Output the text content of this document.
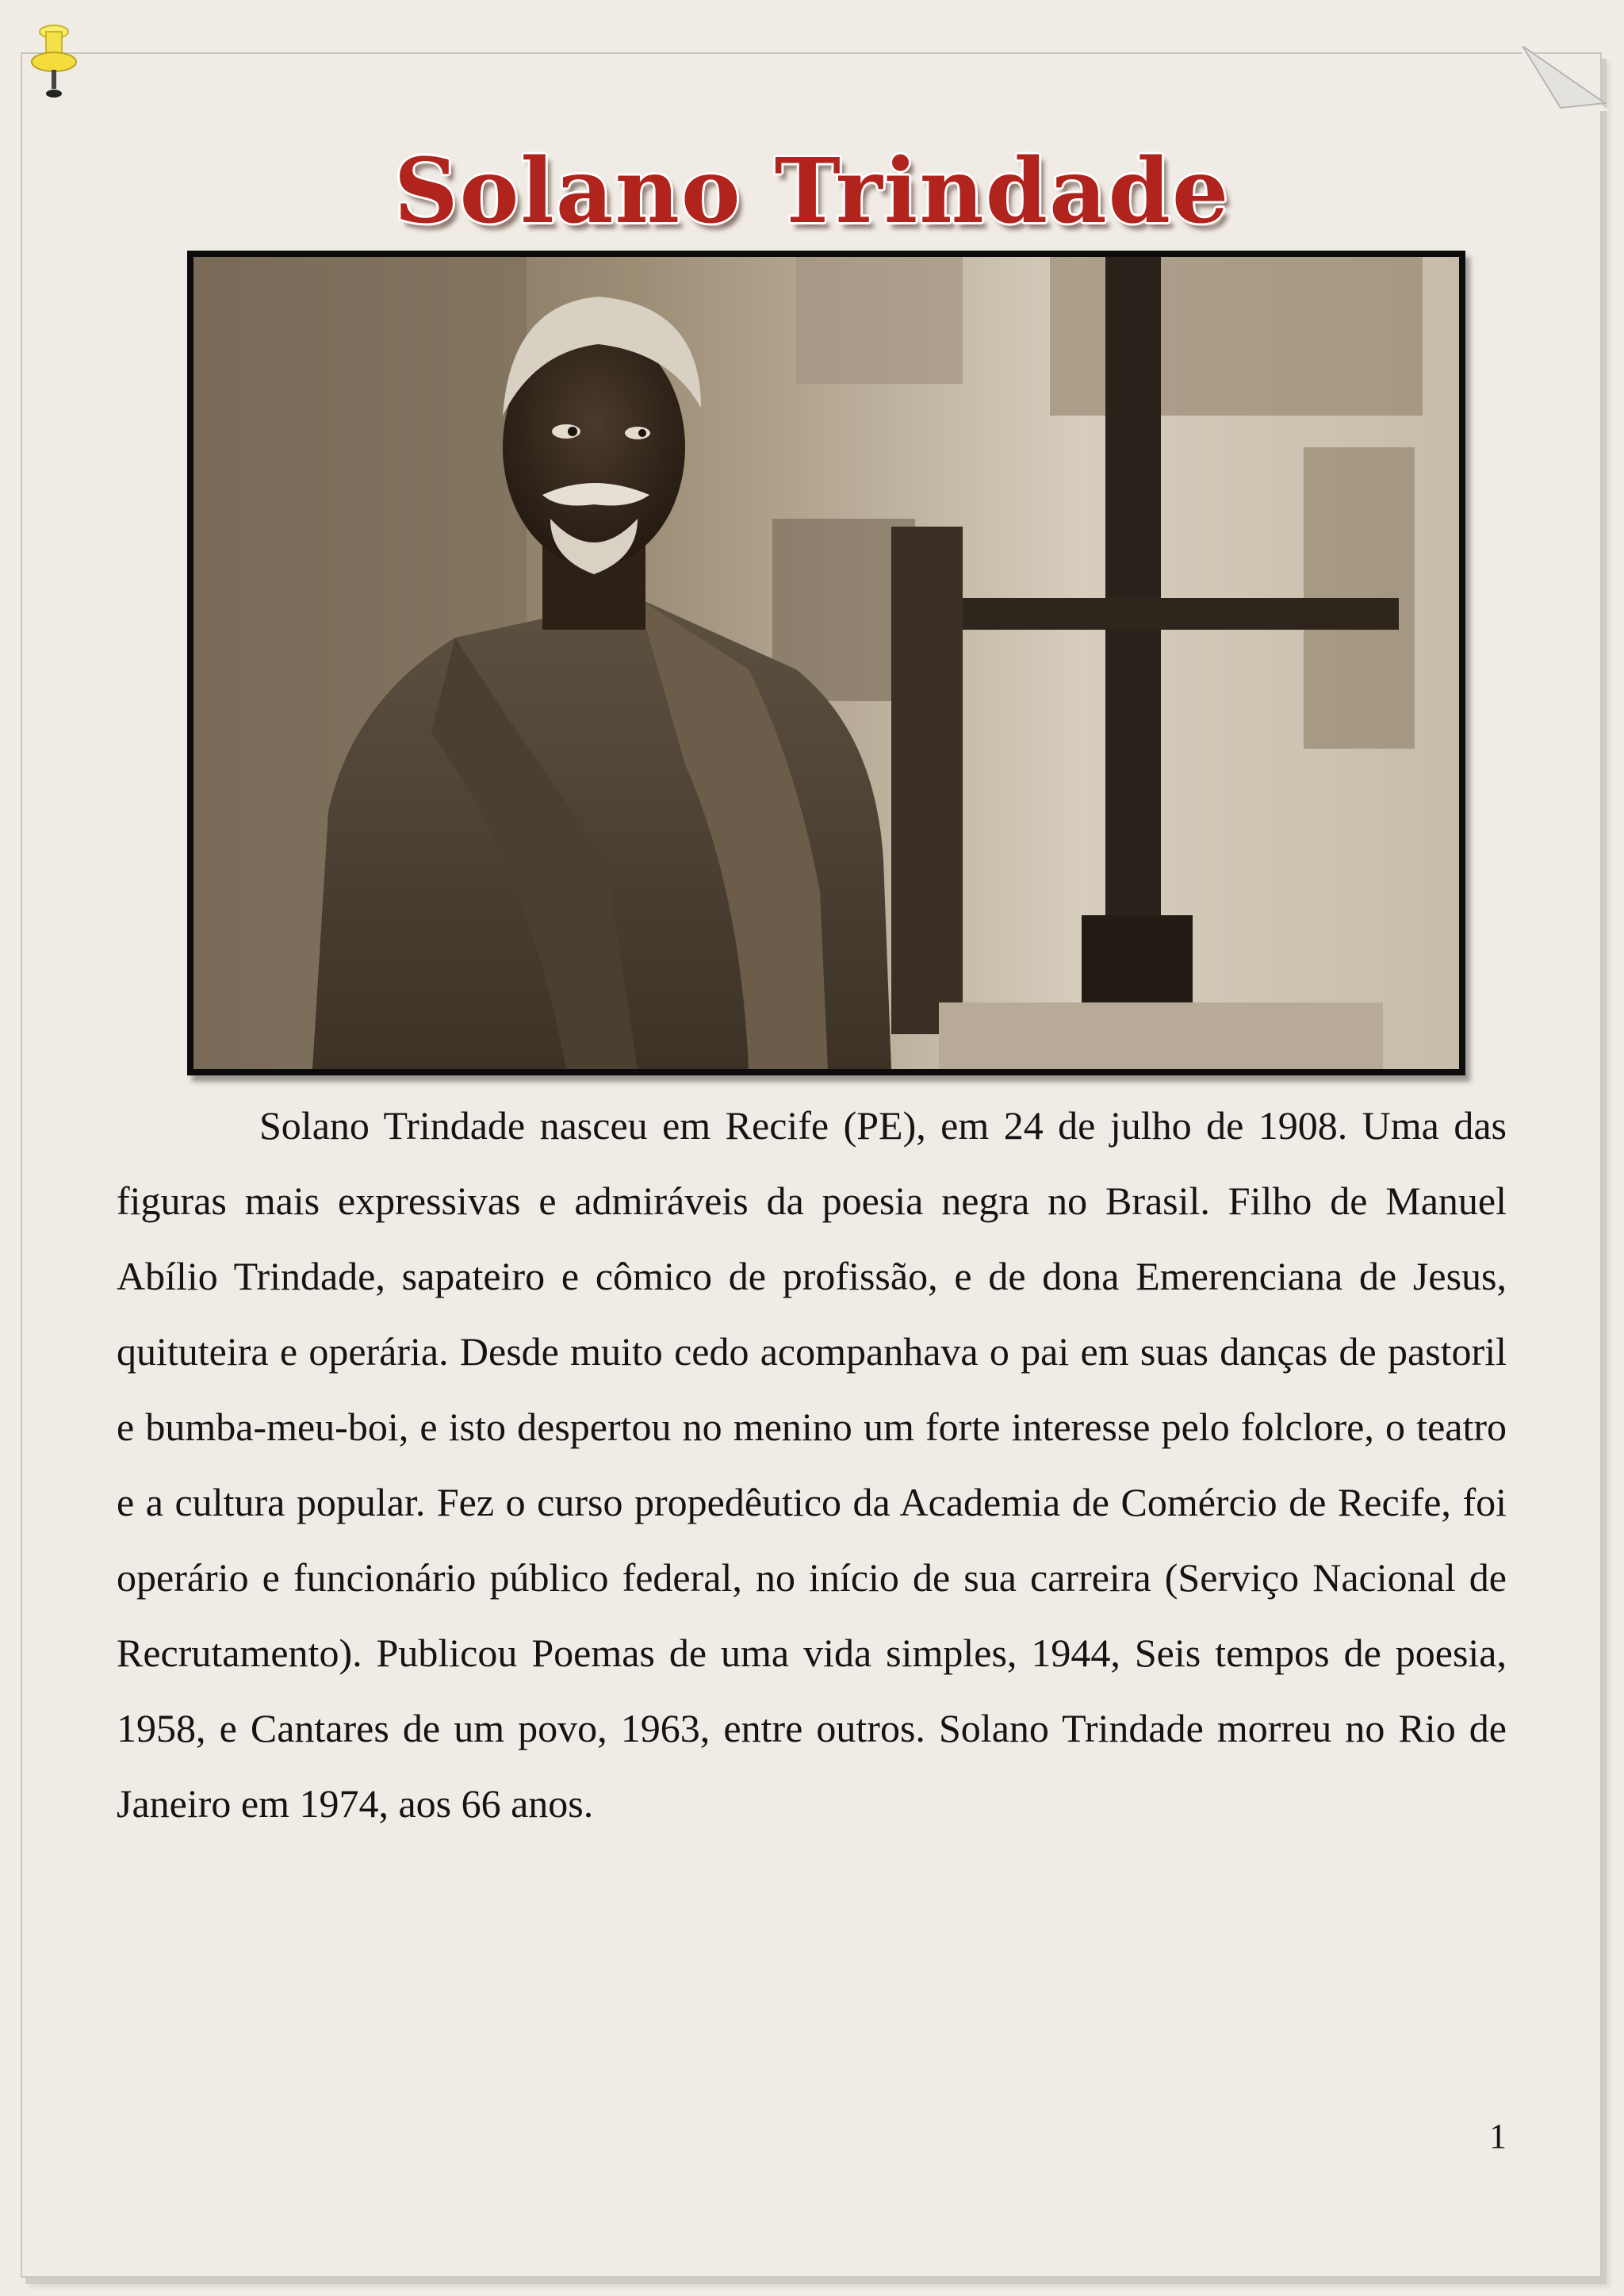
Solano Trindade

Solano Trindade nasceu em Recife (PE), em 24 de julho de 1908. Uma das figuras mais expressivas e admiráveis da poesia negra no Brasil. Filho de Manuel Abílio Trindade, sapateiro e cômico de profissão, e de dona Emerenciana de Jesus, quituteira e operária. Desde muito cedo acompanhava o pai em suas danças de pastoril e bumba-meu-boi, e isto despertou no menino um forte interesse pelo folclore, o teatro e a cultura popular. Fez o curso propedêutico da Academia de Comércio de Recife, foi operário e funcionário público federal, no início de sua carreira (Serviço Nacional de Recrutamento). Publicou Poemas de uma vida simples, 1944, Seis tempos de poesia, 1958, e Cantares de um povo, 1963, entre outros. Solano Trindade morreu no Rio de Janeiro em 1974, aos 66 anos.

1
